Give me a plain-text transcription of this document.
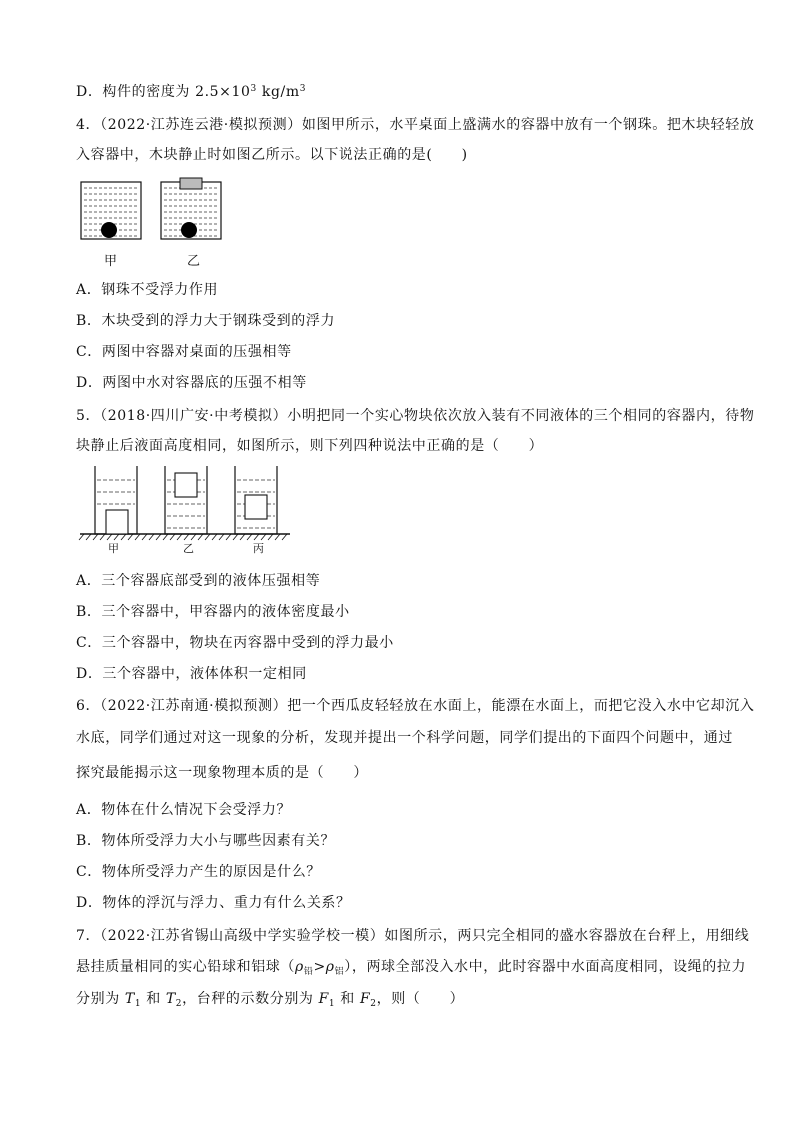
D．构件的密度为 $2.5\times 10^3$ $kg/m^3$
4．（2022·江苏连云港·模拟预测）如图甲所示，水平桌面上盛满水的容器中放有一个钢珠。把木块轻轻放
入容器中，木块静止时如图乙所示。以下说法正确的是(　　)
甲	乙
A．钢珠不受浮力作用
B．木块受到的浮力大于钢珠受到的浮力
C．两图中容器对桌面的压强相等
D．两图中水对容器底的压强不相等
5．（2018·四川广安·中考模拟）小明把同一个实心物块依次放入装有不同液体的三个相同的容器内，待物
块静止后液面高度相同，如图所示，则下列四种说法中正确的是（　　）
甲	乙	丙
A．三个容器底部受到的液体压强相等
B．三个容器中，甲容器内的液体密度最小
C．三个容器中，物块在丙容器中受到的浮力最小
D．三个容器中，液体体积一定相同
6．（2022·江苏南通·模拟预测）把一个西瓜皮轻轻放在水面上，能漂在水面上，而把它没入水中它却沉入
水底，同学们通过对这一现象的分析，发现并提出一个科学问题，同学们提出的下面四个问题中，通过
探究最能揭示这一现象物理本质的是（　　）
A．物体在什么情况下会受浮力？
B．物体所受浮力大小与哪些因素有关？
C．物体所受浮力产生的原因是什么？
D．物体的浮沉与浮力、重力有什么关系？
7．（2022·江苏省锡山高级中学实验学校一模）如图所示，两只完全相同的盛水容器放在台秤上，用细线
悬挂质量相同的实心铅球和铝球$(\rho_铅>\rho_铝)$，两球全部没入水中，此时容器中水面高度相同，设绳的拉力
分别为 $T_1$ 和 $T_2$，台秤的示数分别为 $F_1$ 和 $F_2$，则（　　）
